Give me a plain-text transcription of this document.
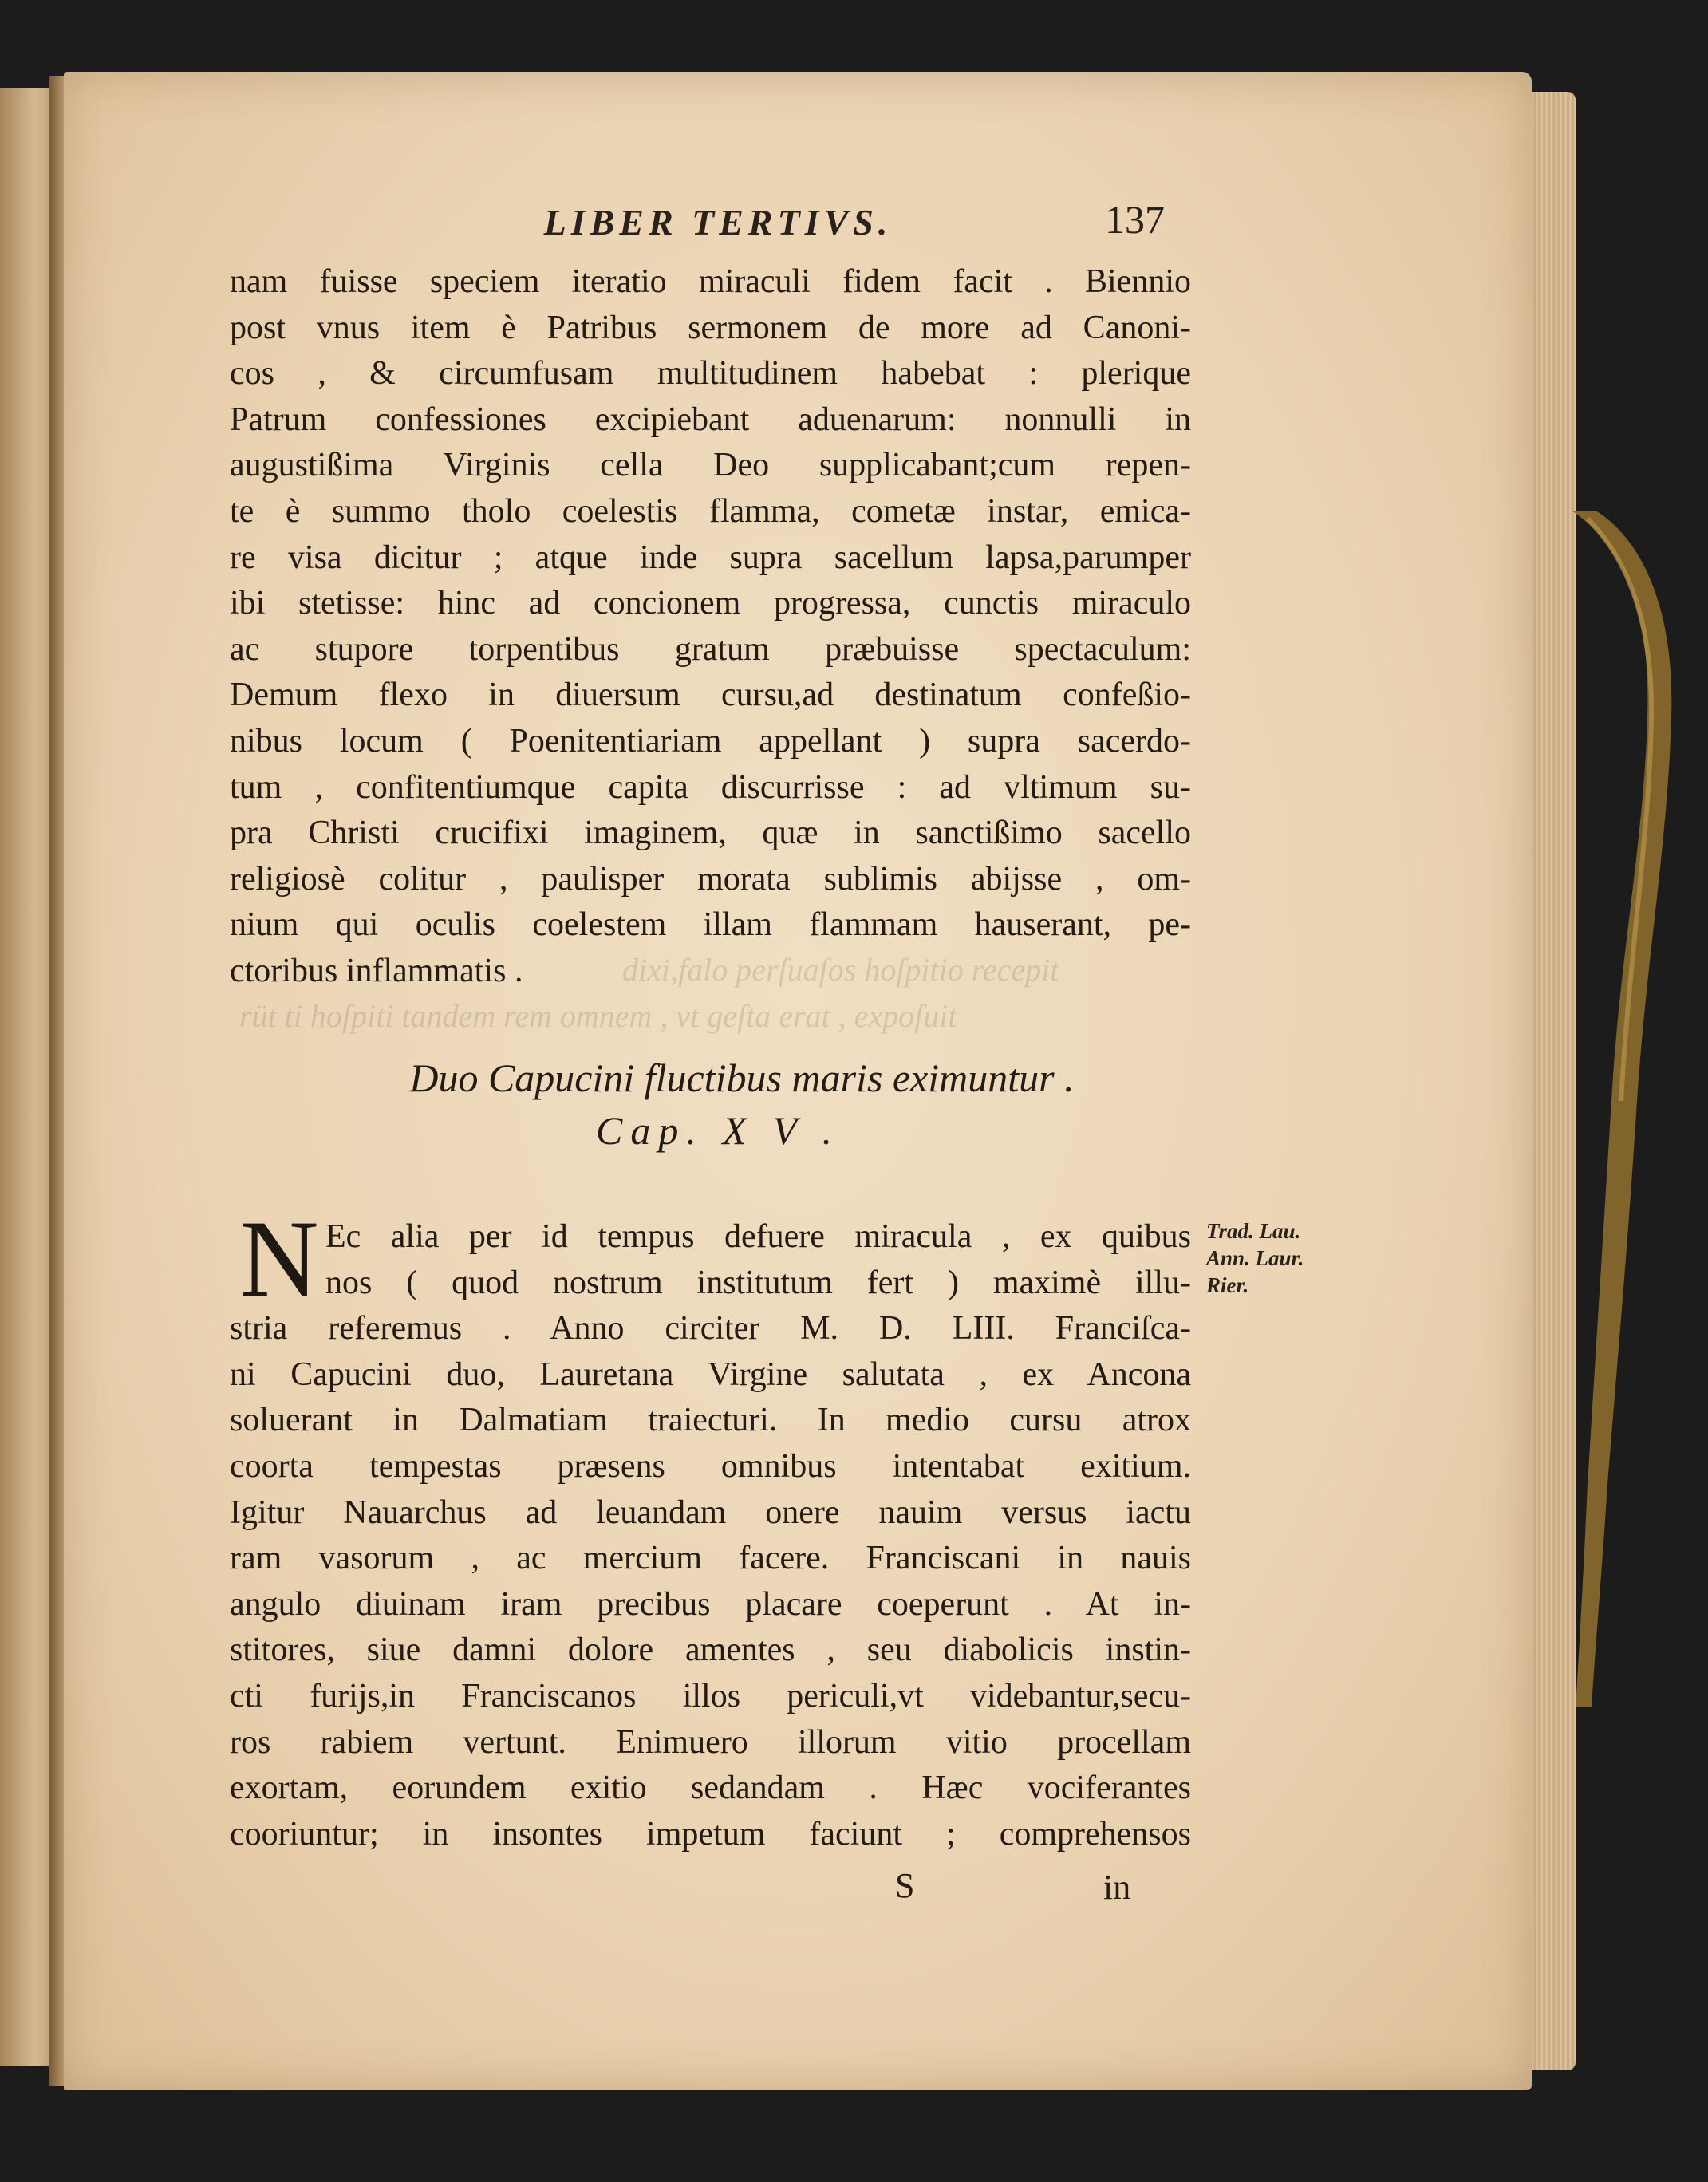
dixi,falo perſuaſos hoſpitio recepit
rüt ti hoſpiti tandem rem omnem , vt geſta erat , expoſuit
LIBER TERTIVS.	137
nam fuisse speciem iteratio miraculi fidem facit . Biennio
post vnus item è Patribus sermonem de more ad Canoni-
cos , & circumfusam multitudinem habebat : plerique
Patrum confessiones excipiebant aduenarum: nonnulli in
augustißima Virginis cella Deo supplicabant;cum repen-
te è summo tholo coelestis flamma, cometæ instar, emica-
re visa dicitur ; atque inde supra sacellum lapsa,parumper
ibi stetisse: hinc ad concionem progressa, cunctis miraculo
ac stupore torpentibus gratum præbuisse spectaculum:
Demum flexo in diuersum cursu,ad destinatum confeßio-
nibus locum ( Poenitentiariam appellant ) supra sacerdo-
tum , confitentiumque capita discurrisse : ad vltimum su-
pra Christi crucifixi imaginem, quæ in sanctißimo sacello
religiosè colitur , paulisper morata sublimis abijsse , om-
nium qui oculis coelestem illam flammam hauserant, pe-
ctoribus inflammatis .
Duo Capucini fluctibus maris eximuntur .
Cap. X V .
N Ec alia per id tempus defuere miracula , ex quibus
nos ( quod nostrum institutum fert ) maximè illu-
stria referemus . Anno circiter M. D. LIII. Franciſca-
ni Capucini duo, Lauretana Virgine salutata , ex Ancona
soluerant in Dalmatiam traiecturi. In medio cursu atrox
coorta tempestas præsens omnibus intentabat exitium.
Igitur Nauarchus ad leuandam onere nauim versus iactu
ram vasorum , ac mercium facere. Franciscani in nauis
angulo diuinam iram precibus placare coeperunt . At in-
stitores, siue damni dolore amentes , seu diabolicis instin-
cti furijs,in Franciscanos illos periculi,vt videbantur,secu-
ros rabiem vertunt. Enimuero illorum vitio procellam
exortam, eorundem exitio sedandam . Hæc vociferantes
cooriuntur; in insontes impetum faciunt ; comprehensos
Trad. Lau.
Ann. Laur.
Rier.
S	in
